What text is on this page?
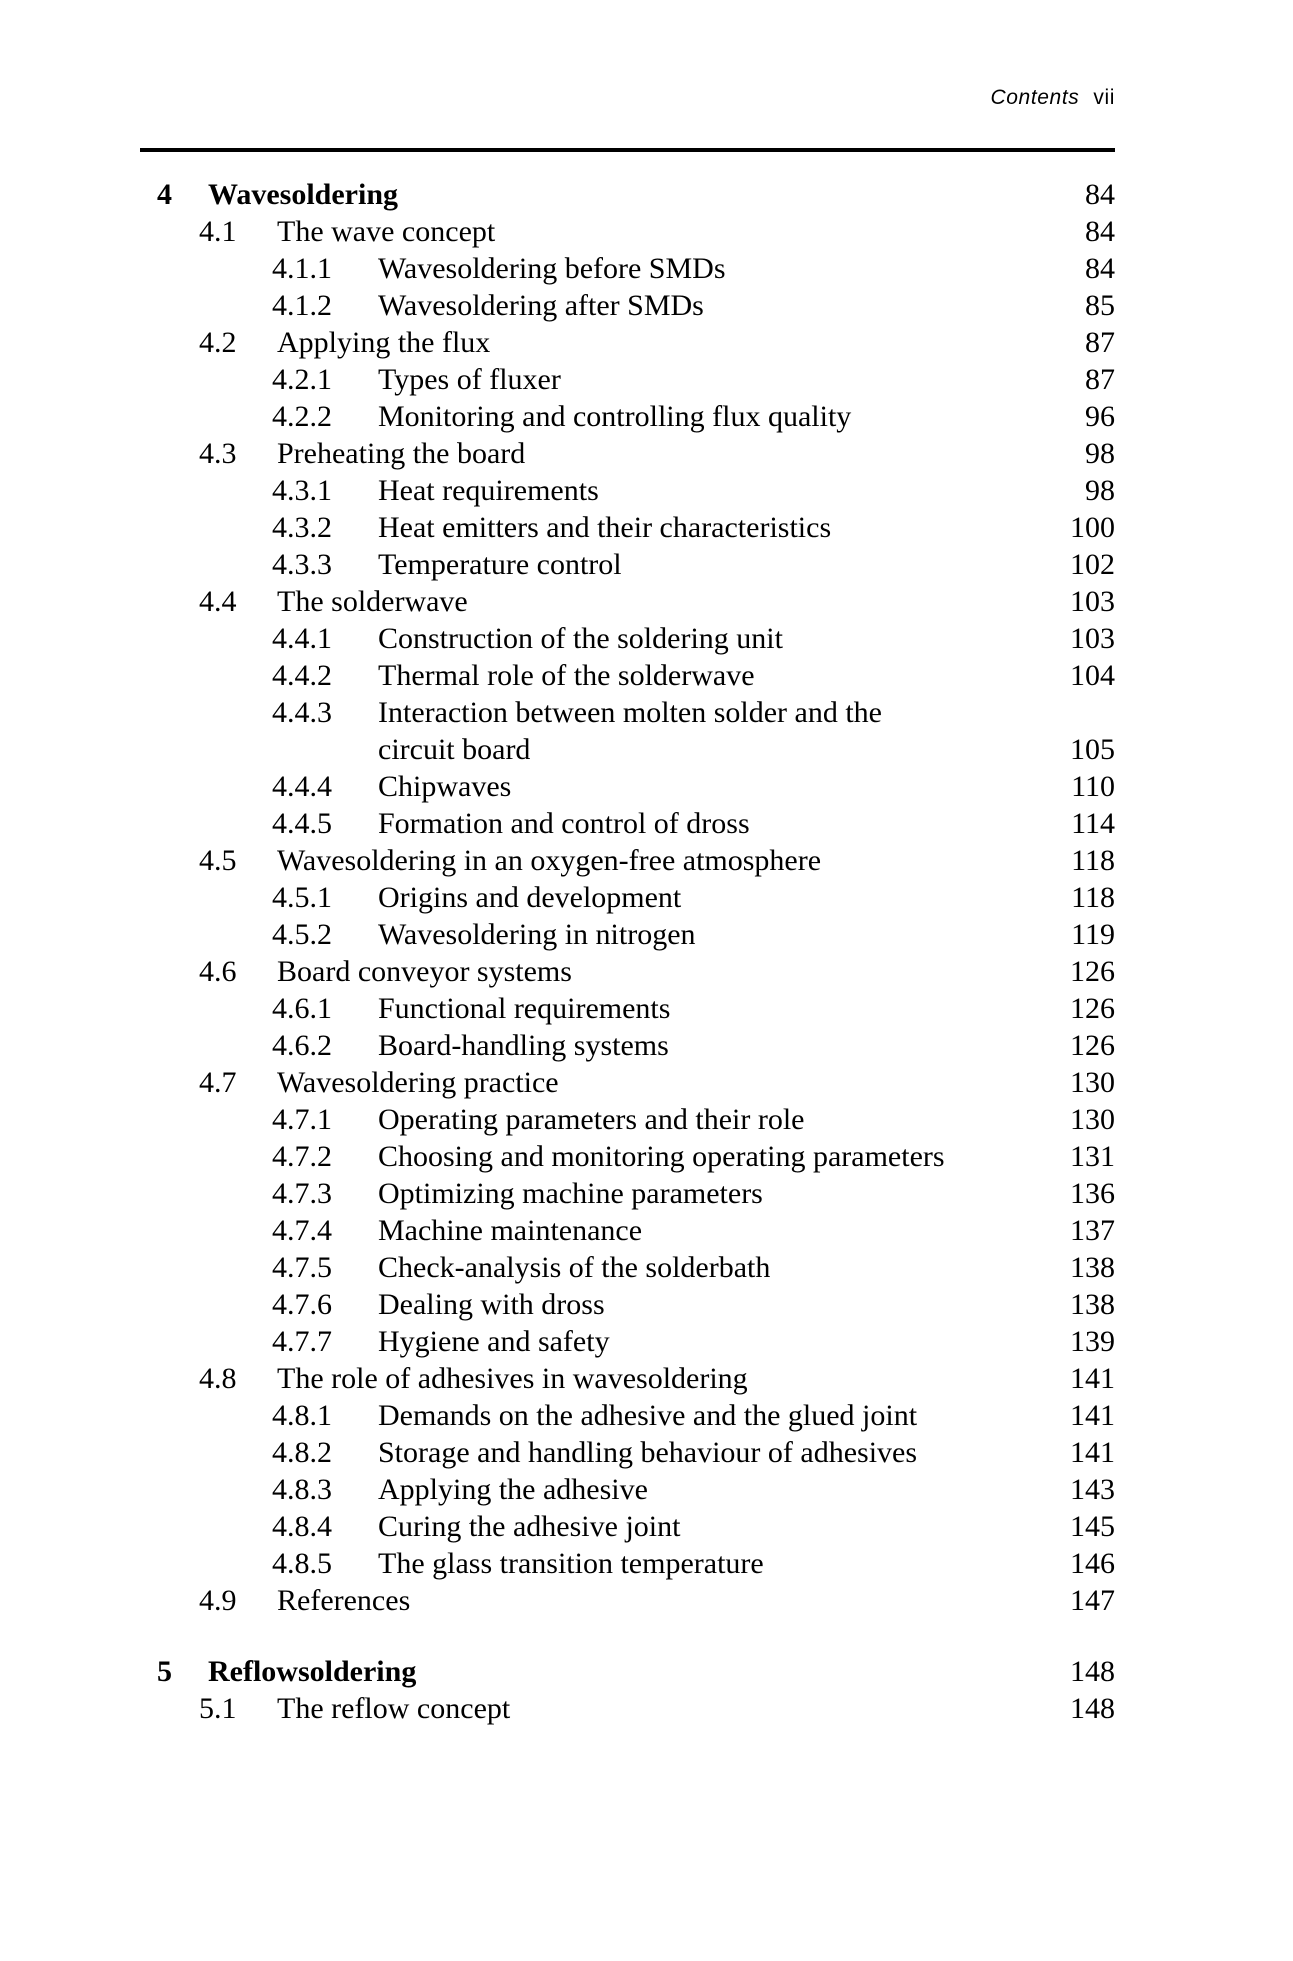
Contents vii
4 Wavesoldering	84
4.1 The wave concept	84
4.1.1 Wavesoldering before SMDs	84
4.1.2 Wavesoldering after SMDs	85
4.2 Applying the flux	87
4.2.1 Types of fluxer	87
4.2.2 Monitoring and controlling flux quality	96
4.3 Preheating the board	98
4.3.1 Heat requirements	98
4.3.2 Heat emitters and their characteristics	100
4.3.3 Temperature control	102
4.4 The solderwave	103
4.4.1 Construction of the soldering unit	103
4.4.2 Thermal role of the solderwave	104
4.4.3 Interaction between molten solder and the
circuit board	105
4.4.4 Chipwaves	110
4.4.5 Formation and control of dross	114
4.5 Wavesoldering in an oxygen-free atmosphere	118
4.5.1 Origins and development	118
4.5.2 Wavesoldering in nitrogen	119
4.6 Board conveyor systems	126
4.6.1 Functional requirements	126
4.6.2 Board-handling systems	126
4.7 Wavesoldering practice	130
4.7.1 Operating parameters and their role	130
4.7.2 Choosing and monitoring operating parameters	131
4.7.3 Optimizing machine parameters	136
4.7.4 Machine maintenance	137
4.7.5 Check-analysis of the solderbath	138
4.7.6 Dealing with dross	138
4.7.7 Hygiene and safety	139
4.8 The role of adhesives in wavesoldering	141
4.8.1 Demands on the adhesive and the glued joint	141
4.8.2 Storage and handling behaviour of adhesives	141
4.8.3 Applying the adhesive	143
4.8.4 Curing the adhesive joint	145
4.8.5 The glass transition temperature	146
4.9 References	147
5 Reflowsoldering	148
5.1 The reflow concept	148
